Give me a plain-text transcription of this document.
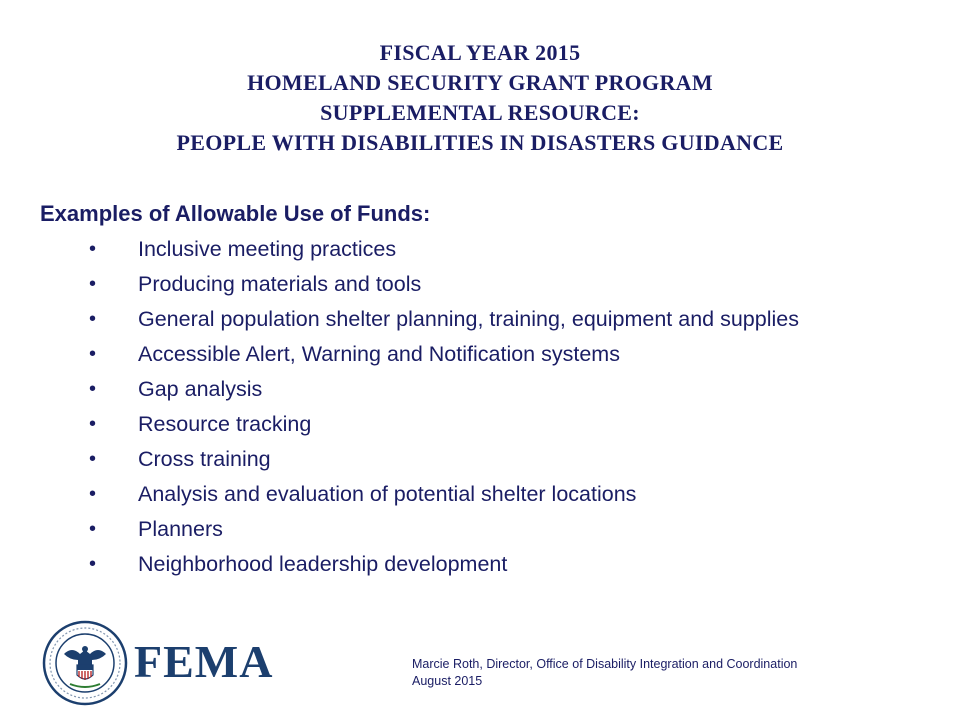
FISCAL YEAR 2015
HOMELAND SECURITY GRANT PROGRAM
SUPPLEMENTAL RESOURCE:
PEOPLE WITH DISABILITIES IN DISASTERS GUIDANCE
Examples of Allowable Use of Funds:
• Inclusive meeting practices
• Producing materials and tools
• General population shelter planning, training, equipment and supplies
• Accessible Alert, Warning and Notification systems
• Gap analysis
• Resource tracking
• Cross training
• Analysis and evaluation of potential shelter locations
• Planners
• Neighborhood leadership development
FEMA	Marcie Roth, Director, Office of Disability Integration and Coordination
August 2015
